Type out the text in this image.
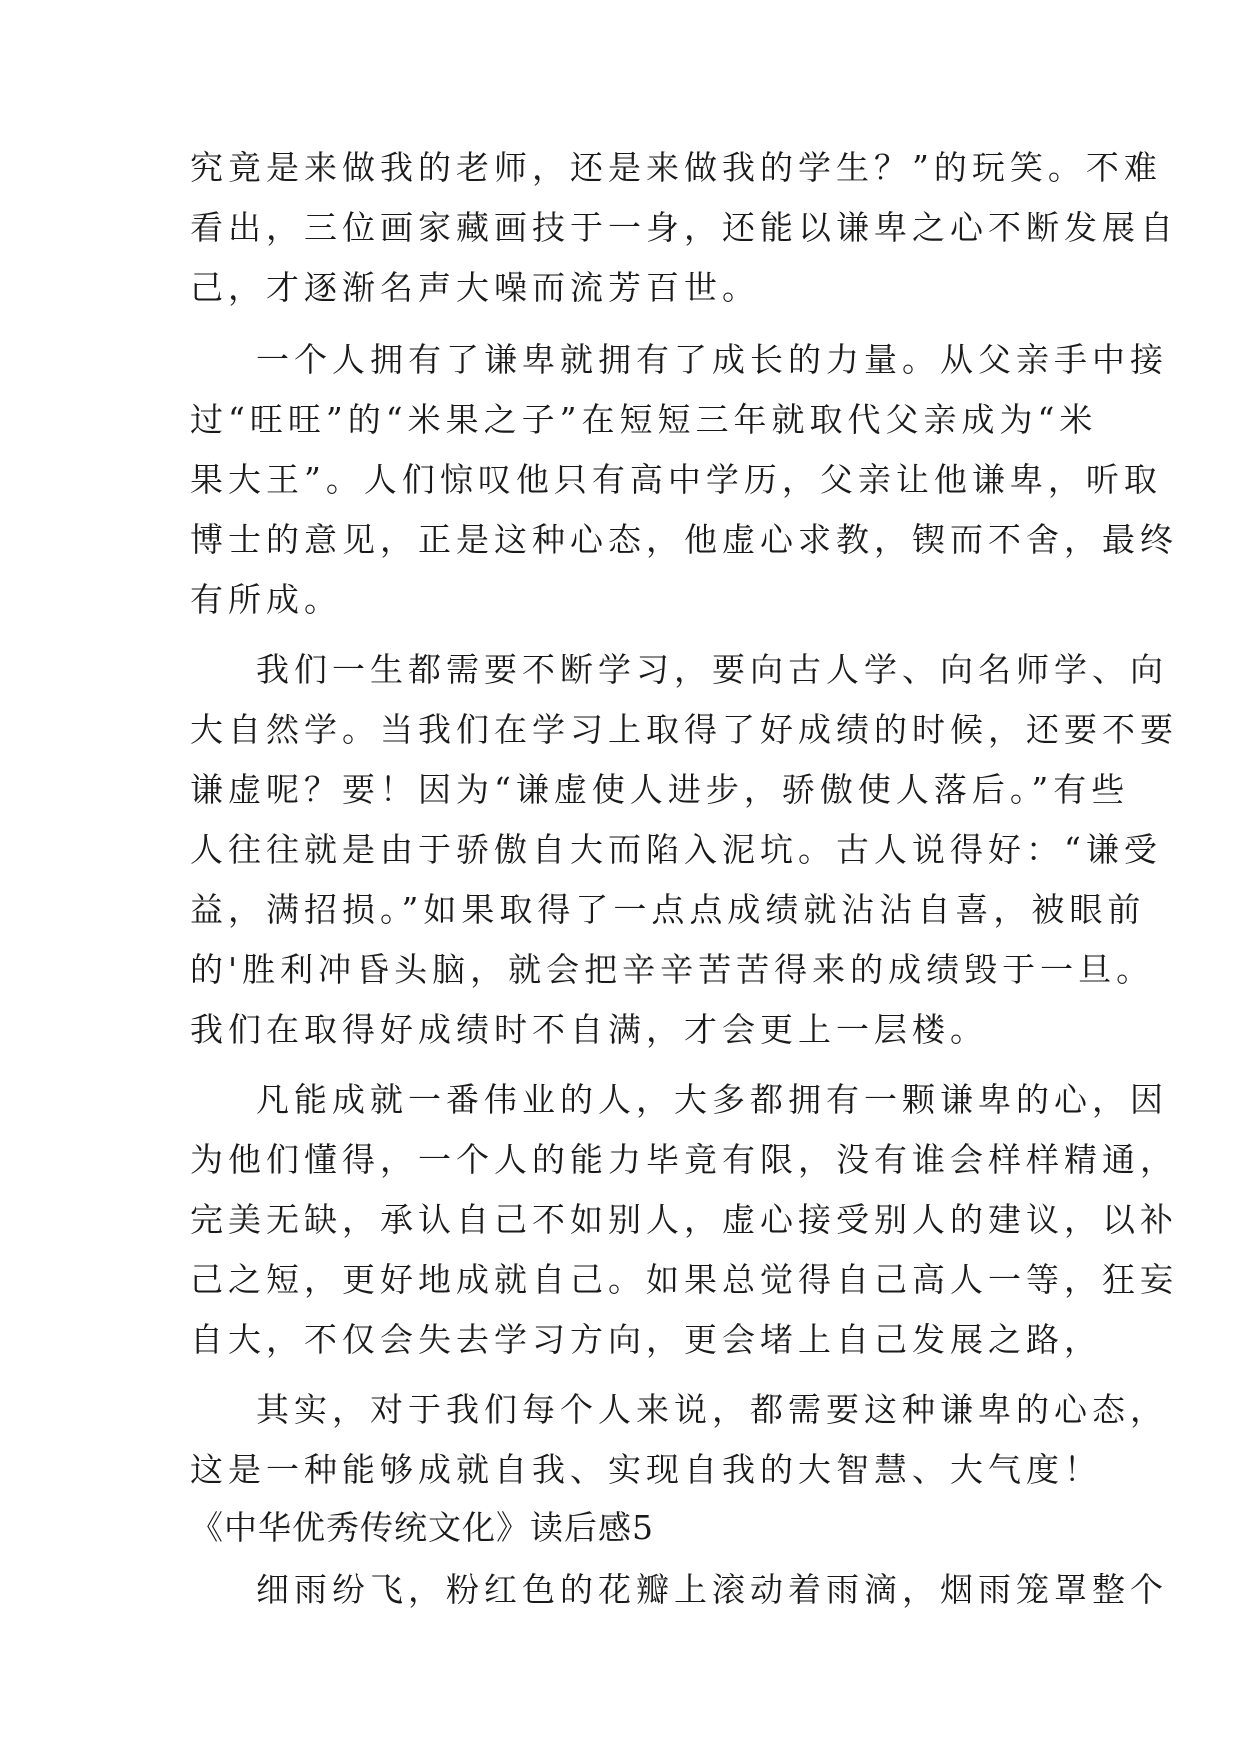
究竟是来做我的老师，还是来做我的学生？”的玩笑。不难
看出，三位画家藏画技于一身，还能以谦卑之心不断发展自
己，才逐渐名声大噪而流芳百世。
一个人拥有了谦卑就拥有了成长的力量。从父亲手中接
过“旺旺”的“米果之子”在短短三年就取代父亲成为“米
果大王”。人们惊叹他只有高中学历，父亲让他谦卑，听取
博士的意见，正是这种心态，他虚心求教，锲而不舍，最终
有所成。
我们一生都需要不断学习，要向古人学、向名师学、向
大自然学。当我们在学习上取得了好成绩的时候，还要不要
谦虚呢？要！因为“谦虚使人进步，骄傲使人落后。”有些
人往往就是由于骄傲自大而陷入泥坑。古人说得好：“谦受
益，满招损。”如果取得了一点点成绩就沾沾自喜，被眼前
的'胜利冲昏头脑，就会把辛辛苦苦得来的成绩毁于一旦。
我们在取得好成绩时不自满，才会更上一层楼。
凡能成就一番伟业的人，大多都拥有一颗谦卑的心，因
为他们懂得，一个人的能力毕竟有限，没有谁会样样精通，
完美无缺，承认自己不如别人，虚心接受别人的建议，以补
己之短，更好地成就自己。如果总觉得自己高人一等，狂妄
自大，不仅会失去学习方向，更会堵上自己发展之路，
其实，对于我们每个人来说，都需要这种谦卑的心态，
这是一种能够成就自我、实现自我的大智慧、大气度！
《中华优秀传统文化》读后感5
细雨纷飞，粉红色的花瓣上滚动着雨滴，烟雨笼罩整个
